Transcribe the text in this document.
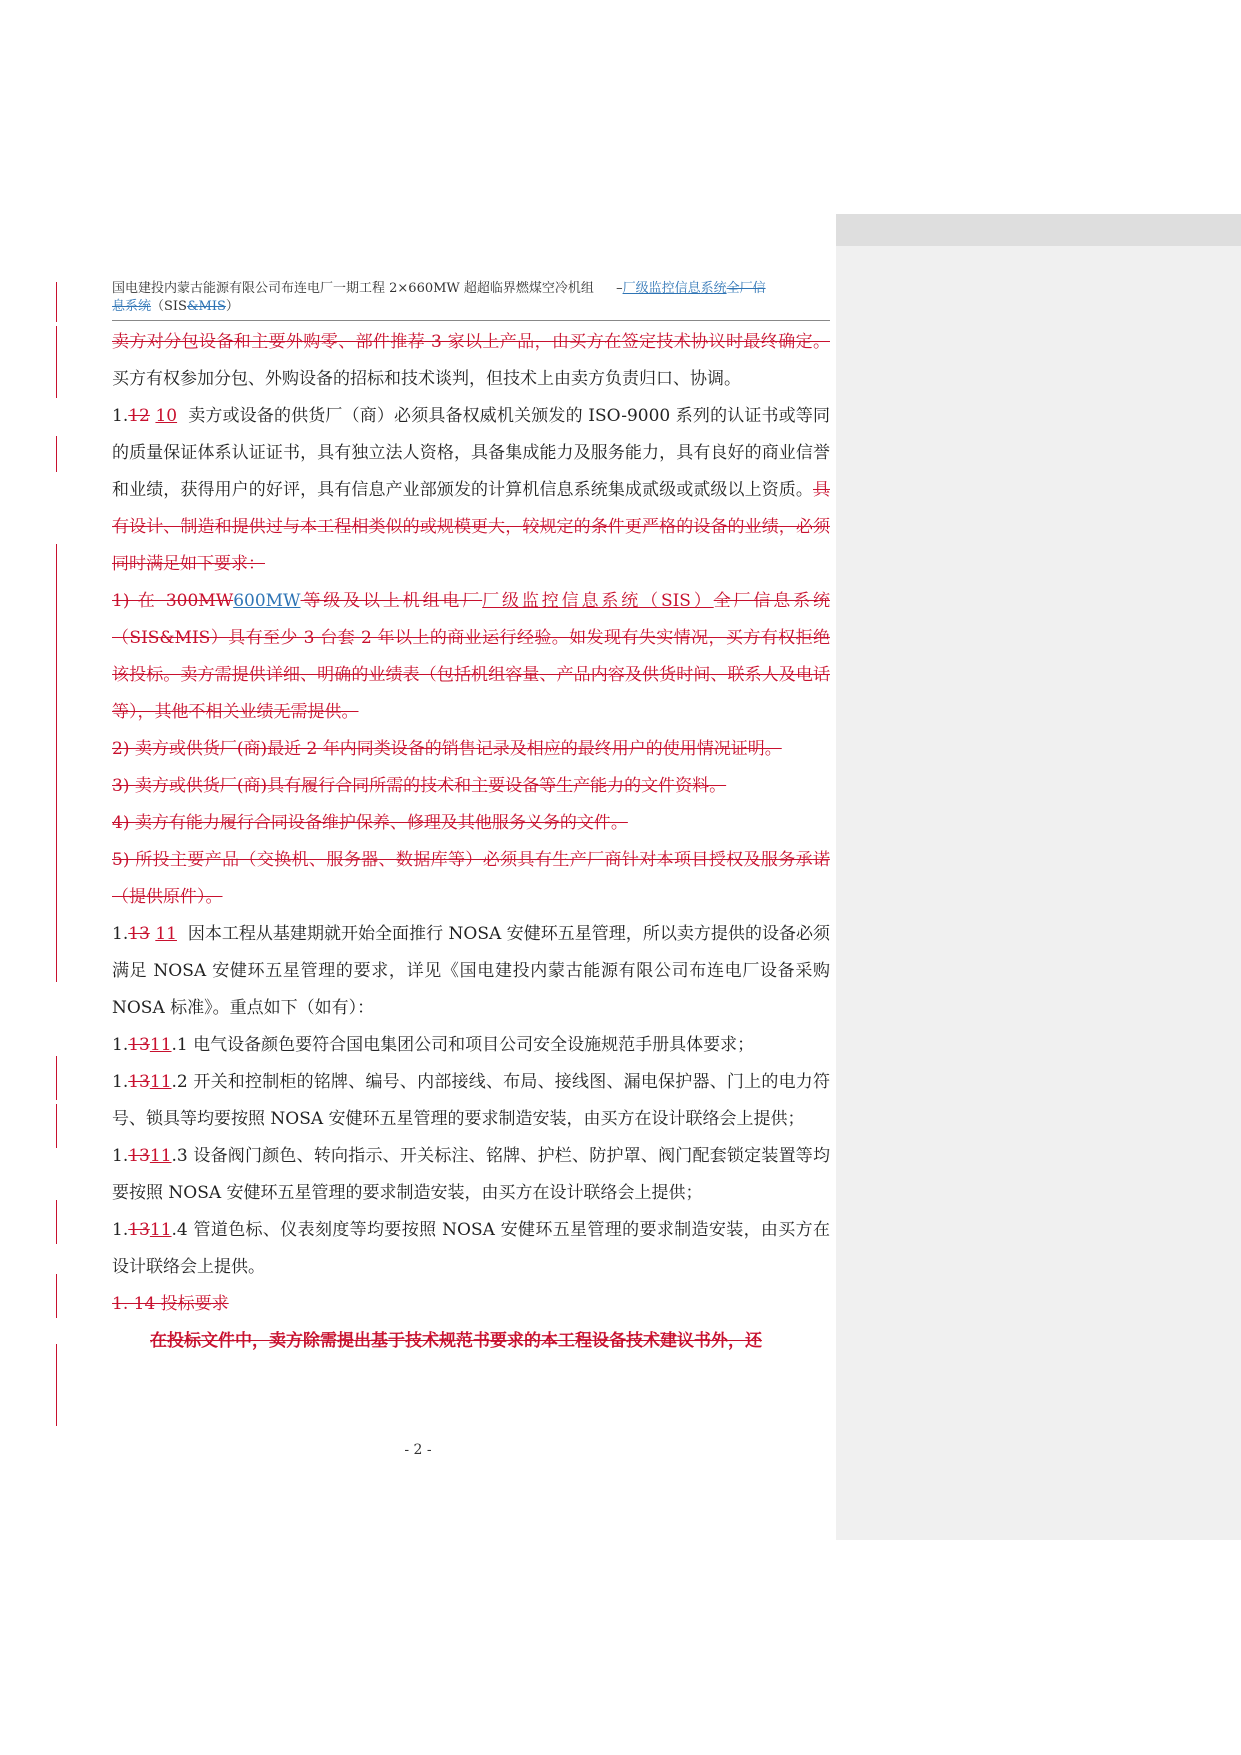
国电建投内蒙古能源有限公司布连电厂一期工程 2×660MW 超超临界燃煤空冷机组 –厂级监控信息系统全厂信
息系统（SIS&MIS）

卖方对分包设备和主要外购零、部件推荐 3 家以上产品，由买方在签定技术协议时最终确定。买方有权参加分包、外购设备的招标和技术谈判，但技术上由卖方负责归口、协调。

1.12 10 卖方或设备的供货厂（商）必须具备权威机关颁发的 ISO-9000 系列的认证书或等同的质量保证体系认证证书，具有独立法人资格，具备集成能力及服务能力，具有良好的商业信誉和业绩，获得用户的好评，具有信息产业部颁发的计算机信息系统集成贰级或贰级以上资质。具有设计、制造和提供过与本工程相类似的或规模更大，较规定的条件更严格的设备的业绩，必须同时满足如下要求：

1) 在 300MW600MW等级及以上机组电厂厂级监控信息系统（SIS）全厂信息系统（SIS&MIS）具有至少 3 台套 2 年以上的商业运行经验。如发现有失实情况，买方有权拒绝该投标。卖方需提供详细、明确的业绩表（包括机组容量、产品内容及供货时间、联系人及电话等），其他不相关业绩无需提供。

2) 卖方或供货厂(商)最近 2 年内同类设备的销售记录及相应的最终用户的使用情况证明。

3) 卖方或供货厂(商)具有履行合同所需的技术和主要设备等生产能力的文件资料。

4) 卖方有能力履行合同设备维护保养、修理及其他服务义务的文件。

5) 所投主要产品（交换机、服务器、数据库等）必须具有生产厂商针对本项目授权及服务承诺（提供原件）。

1.13 11 因本工程从基建期就开始全面推行 NOSA 安健环五星管理，所以卖方提供的设备必须满足 NOSA 安健环五星管理的要求，详见《国电建投内蒙古能源有限公司布连电厂设备采购 NOSA 标准》。重点如下（如有）：

1.1311.1 电气设备颜色要符合国电集团公司和项目公司安全设施规范手册具体要求；

1.1311.2 开关和控制柜的铭牌、编号、内部接线、布局、接线图、漏电保护器、门上的电力符号、锁具等均要按照 NOSA 安健环五星管理的要求制造安装，由买方在设计联络会上提供；

1.1311.3 设备阀门颜色、转向指示、开关标注、铭牌、护栏、防护罩、阀门配套锁定装置等均要按照 NOSA 安健环五星管理的要求制造安装，由买方在设计联络会上提供；

1.1311.4 管道色标、仪表刻度等均要按照 NOSA 安健环五星管理的要求制造安装，由买方在设计联络会上提供。

1. 14 投标要求

在投标文件中，卖方除需提出基于技术规范书要求的本工程设备技术建议书外，还

- 2 -
